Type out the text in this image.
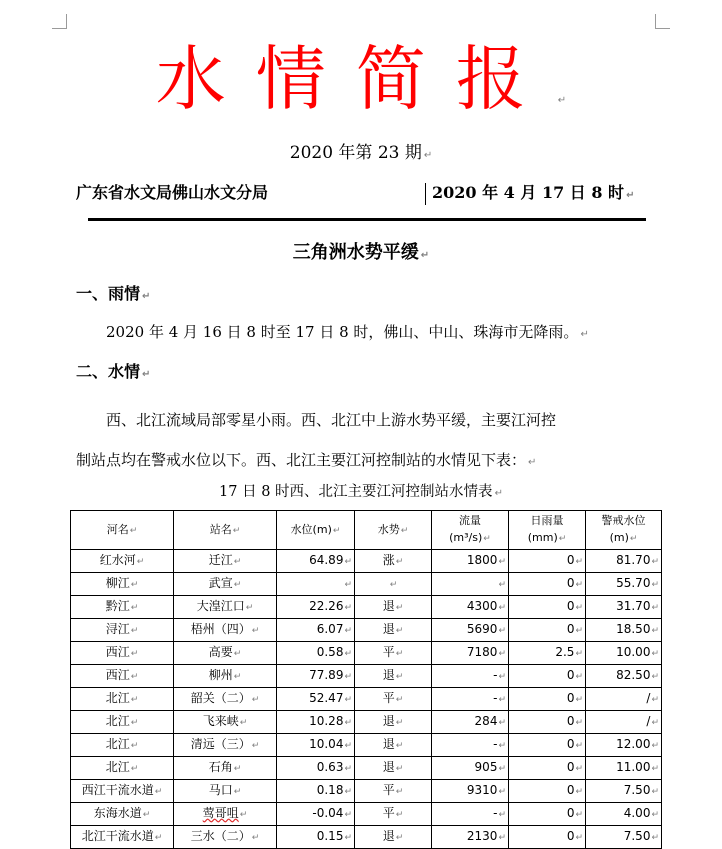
水情简报 ↵
2020 年第 23 期 ↵
广东省水文局佛山水文分局	2020 年 4 月 17 日 8 时 ↵
三角洲水势平缓 ↵
一、雨情 ↵
2020 年 4 月 16 日 8 时至 17 日 8 时，佛山、中山、珠海市无降雨。 ↵
二、水情 ↵
西、北江流域局部零星小雨。西、北江中上游水势平缓，主要江河控
制站点均在警戒水位以下。西、北江主要江河控制站的水情见下表： ↵
17 日 8 时西、北江主要江河控制站水情表 ↵
河名↵	站名↵	水位(m)↵	水势↵	流量
(m³/s)↵	日雨量
(mm)↵	警戒水位
(m)↵
红水河↵	迁江↵	64.89↵	涨↵	1800↵	0↵	81.70↵
柳江↵	武宣↵	↵	↵	↵	0↵	55.70↵
黔江↵	大湟江口↵	22.26↵	退↵	4300↵	0↵	31.70↵
浔江↵	梧州（四）↵	6.07↵	退↵	5690↵	0↵	18.50↵
西江↵	高要↵	0.58↵	平↵	7180↵	2.5↵	10.00↵
西江↵	柳州↵	77.89↵	退↵	-↵	0↵	82.50↵
北江↵	韶关（二）↵	52.47↵	平↵	-↵	0↵	/↵
北江↵	飞来峡↵	10.28↵	退↵	284↵	0↵	/↵
北江↵	清远（三）↵	10.04↵	退↵	-↵	0↵	12.00↵
北江↵	石角↵	0.63↵	退↵	905↵	0↵	11.00↵
西江干流水道↵	马口↵	0.18↵	平↵	9310↵	0↵	7.50↵
东海水道↵	莺哥咀↵	-0.04↵	平↵	-↵	0↵	4.00↵
北江干流水道↵	三水（二）↵	0.15↵	退↵	2130↵	0↵	7.50↵
